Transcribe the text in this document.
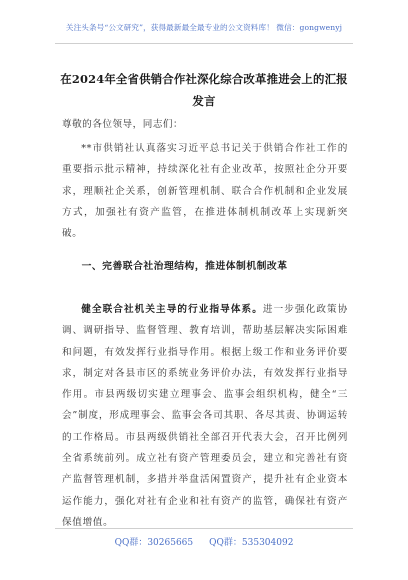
关注头条号“公文研究”，获得最新最全最专业的公文资料库！ 微信：gongwenyj
在2024年全省供销合作社深化综合改革推进会上的汇报发言
尊敬的各位领导，同志们：

**市供销社认真落实习近平总书记关于供销合作社工作的重要指示批示精神，持续深化社有企业改革，按照社企分开要求，理顺社企关系，创新管理机制、联合合作机制和企业发展方式，加强社有资产监管，在推进体制机制改革上实现新突破。

一、完善联合社治理结构，推进体制机制改革

健全联合社机关主导的行业指导体系。进一步强化政策协调、调研指导、监督管理、教育培训，帮助基层解决实际困难和问题，有效发挥行业指导作用。根据上级工作和业务评价要求，制定对各县市区的系统业务评价办法，有效发挥行业指导作用。市县两级切实建立理事会、监事会组织机构，健全“三会”制度，形成理事会、监事会各司其职、各尽其责、协调运转的工作格局。市县两级供销社全部召开代表大会，召开比例列全省系统前列。成立社有资产管理委员会，建立和完善社有资产监督管理机制，多措并举盘活闲置资产，提升社有企业资本运作能力，强化对社有企业和社有资产的监管，确保社有资产保值增值。

QQ群：30265665 QQ群：535304092
